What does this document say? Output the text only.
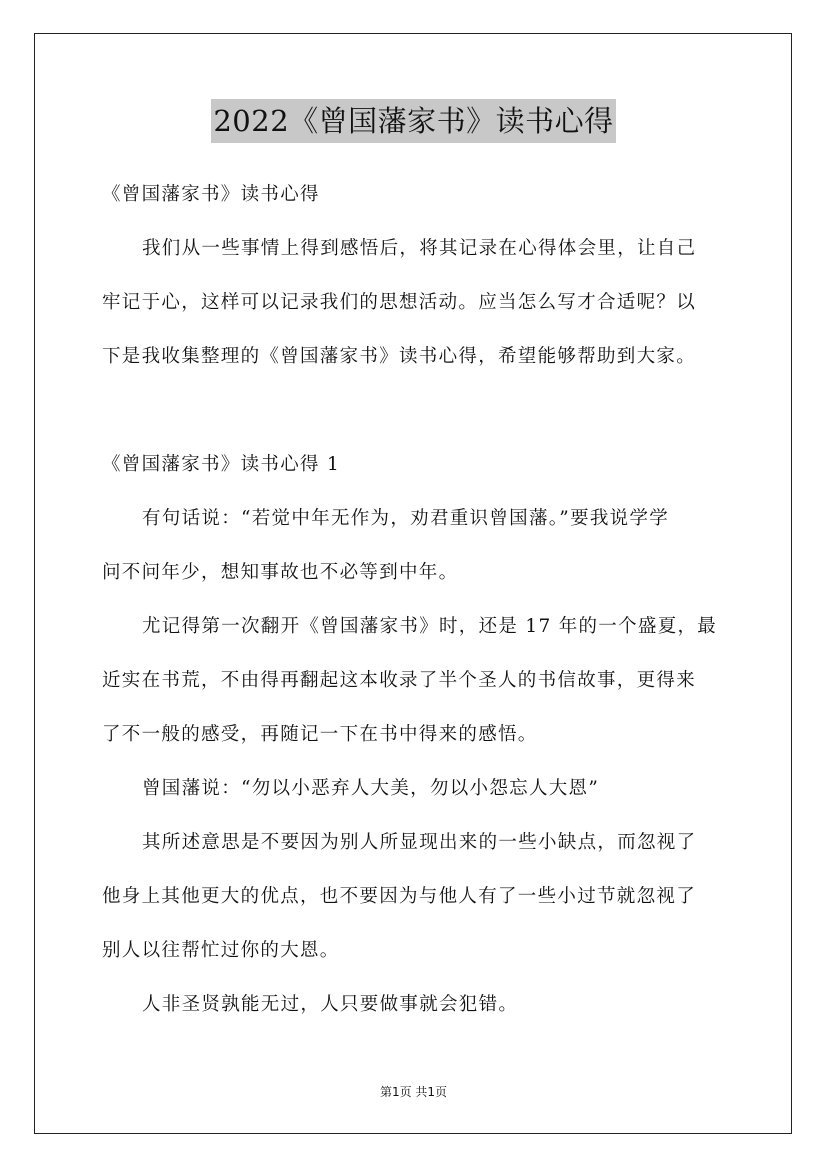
2022《曾国藩家书》读书心得
《曾国藩家书》读书心得
我们从一些事情上得到感悟后，将其记录在心得体会里，让自己
牢记于心，这样可以记录我们的思想活动。应当怎么写才合适呢？以
下是我收集整理的《曾国藩家书》读书心得，希望能够帮助到大家。
《曾国藩家书》读书心得 1
有句话说：“若觉中年无作为，劝君重识曾国藩。”要我说学学
问不问年少，想知事故也不必等到中年。
尤记得第一次翻开《曾国藩家书》时，还是 17 年的一个盛夏，最
近实在书荒，不由得再翻起这本收录了半个圣人的书信故事，更得来
了不一般的感受，再随记一下在书中得来的感悟。
曾国藩说：“勿以小恶弃人大美，勿以小怨忘人大恩”
其所述意思是不要因为别人所显现出来的一些小缺点，而忽视了
他身上其他更大的优点，也不要因为与他人有了一些小过节就忽视了
别人以往帮忙过你的大恩。
人非圣贤孰能无过，人只要做事就会犯错。
第1页 共1页
